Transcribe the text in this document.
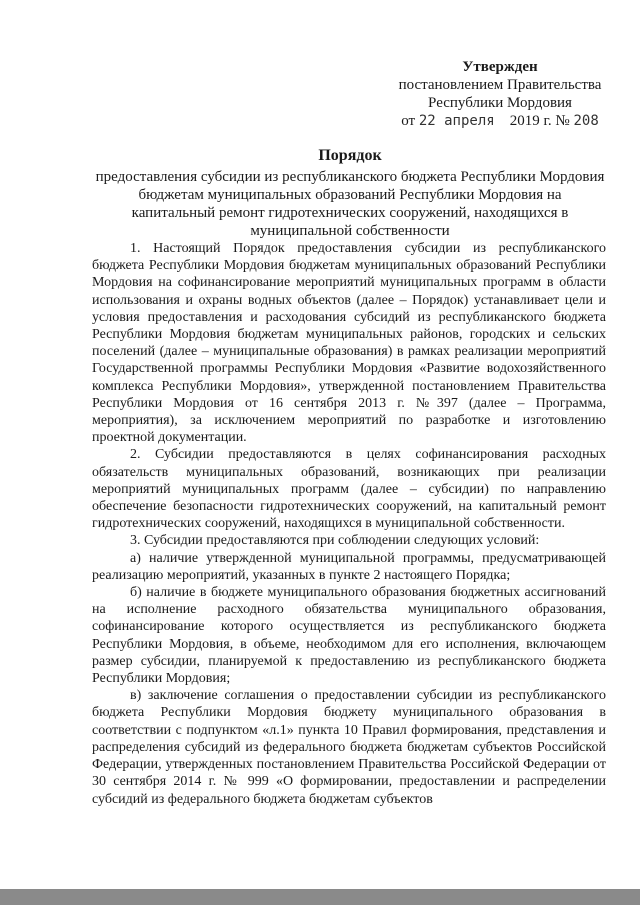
Утвержден
постановлением Правительства
Республики Мордовия
от 22 апреля 2019 г. № 208
Порядок
предоставления субсидии из республиканского бюджета Республики Мордовия бюджетам муниципальных образований Республики Мордовия на капитальный ремонт гидротехнических сооружений, находящихся в муниципальной собственности

1. Настоящий Порядок предоставления субсидии из республиканского бюджета Республики Мордовия бюджетам муниципальных образований Республики Мордовия на софинансирование мероприятий муниципальных программ в области использования и охраны водных объектов (далее – Порядок) устанавливает цели и условия предоставления и расходования субсидий из республиканского бюджета Республики Мордовия бюджетам муниципальных районов, городских и сельских поселений (далее – муниципальные образования) в рамках реализации мероприятий Государственной программы Республики Мордовия «Развитие водохозяйственного комплекса Республики Мордовия», утвержденной постановлением Правительства Республики Мордовия от 16 сентября 2013 г. №397 (далее – Программа, мероприятия), за исключением мероприятий по разработке и изготовлению проектной документации.

2. Субсидии предоставляются в целях софинансирования расходных обязательств муниципальных образований, возникающих при реализации мероприятий муниципальных программ (далее – субсидии) по направлению обеспечение безопасности гидротехнических сооружений, на капитальный ремонт гидротехнических сооружений, находящихся в муниципальной собственности.

3. Субсидии предоставляются при соблюдении следующих условий:

а) наличие утвержденной муниципальной программы, предусматривающей реализацию мероприятий, указанных в пункте 2 настоящего Порядка;

б) наличие в бюджете муниципального образования бюджетных ассигнований на исполнение расходного обязательства муниципального образования, софинансирование которого осуществляется из республиканского бюджета Республики Мордовия, в объеме, необходимом для его исполнения, включающем размер субсидии, планируемой к предоставлению из республиканского бюджета Республики Мордовия;

в) заключение соглашения о предоставлении субсидии из республиканского бюджета Республики Мордовия бюджету муниципального образования в соответствии с подпунктом «л.1» пункта 10 Правил формирования, представления и распределения субсидий из федерального бюджета бюджетам субъектов Российской Федерации, утвержденных постановлением Правительства Российской Федерации от 30 сентября 2014 г. № 999 «О формировании, предоставлении и распределении субсидий из федерального бюджета бюджетам субъектов
